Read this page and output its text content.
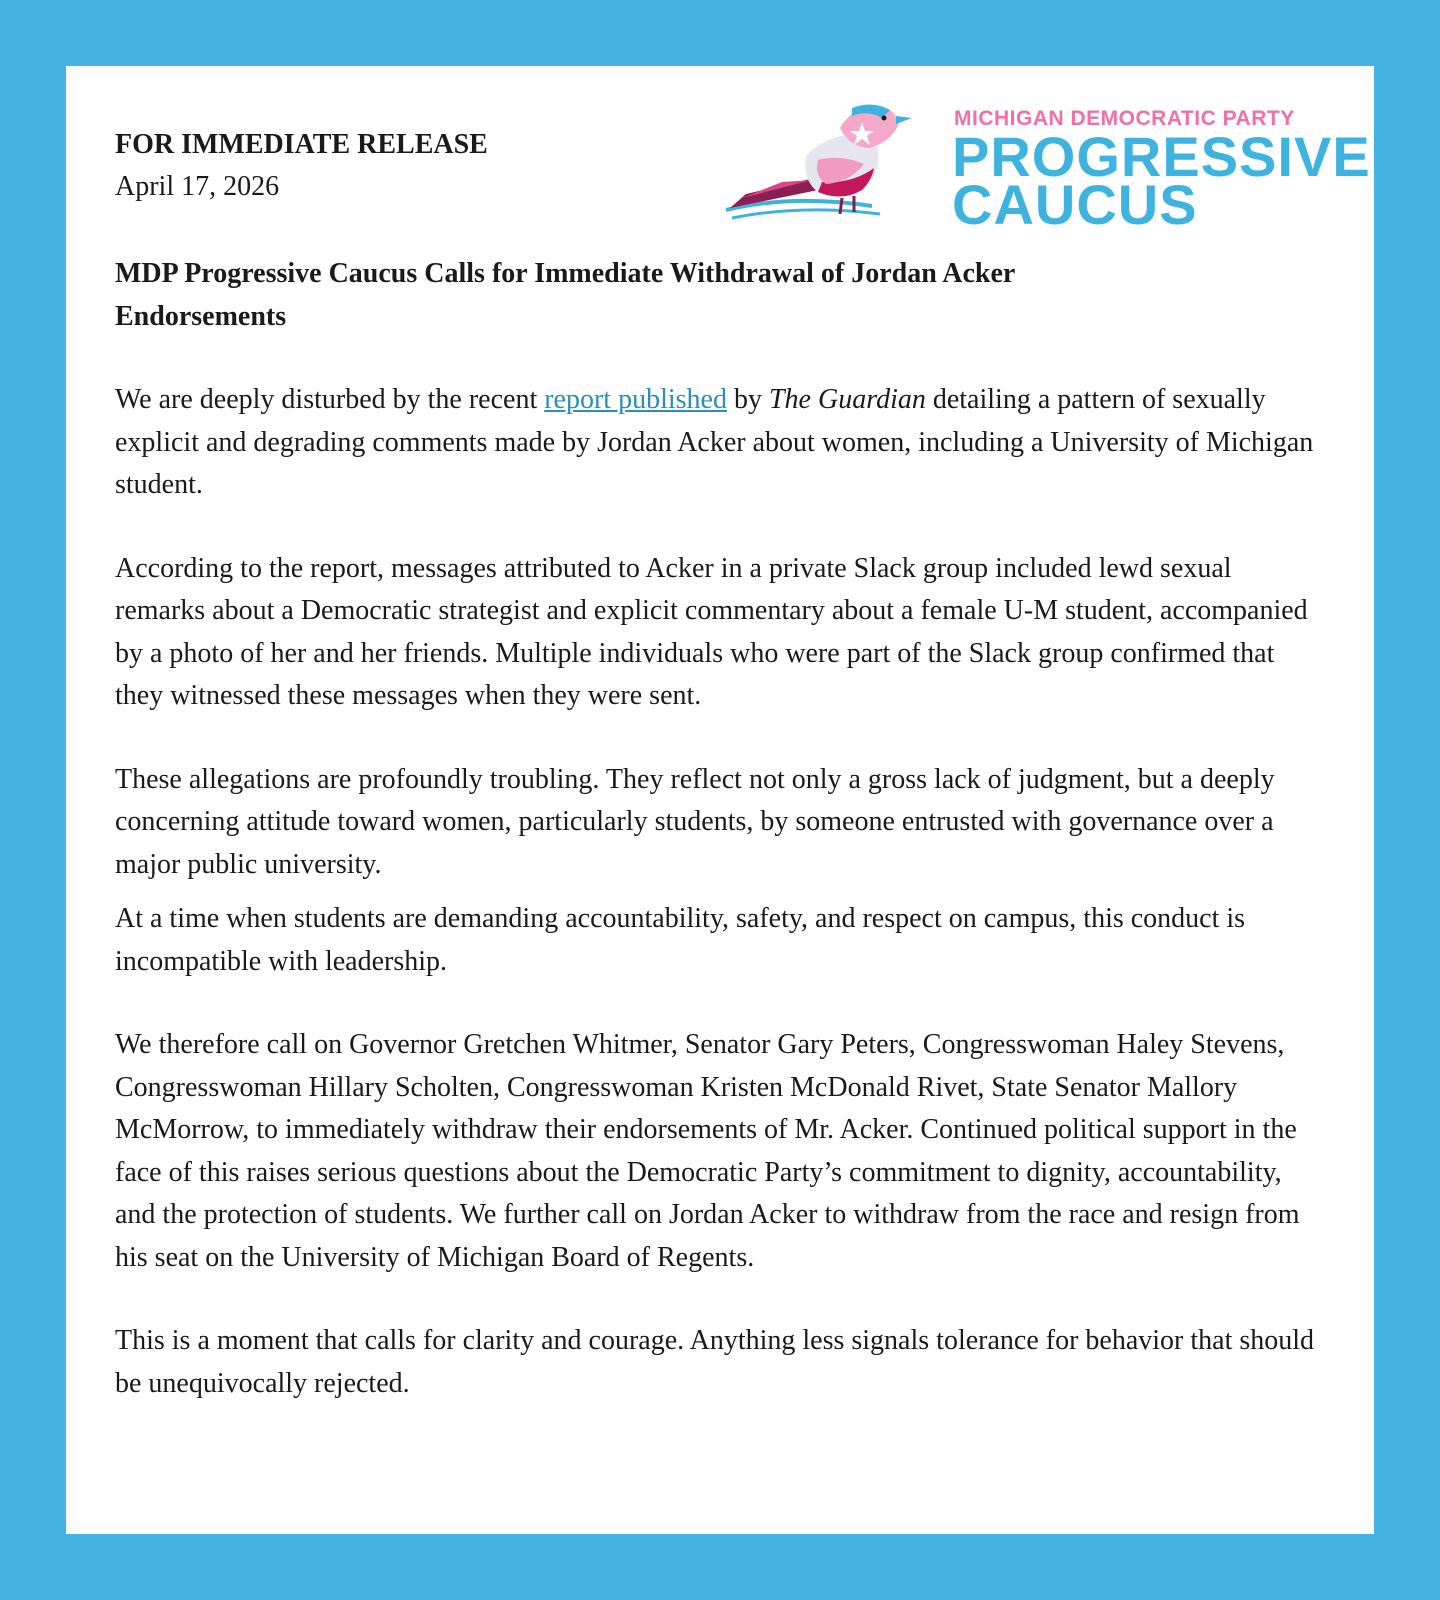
FOR IMMEDIATE RELEASE
April 17, 2026
MICHIGAN DEMOCRATIC PARTY
PROGRESSIVE
CAUCUS
MDP Progressive Caucus Calls for Immediate Withdrawal of Jordan Acker Endorsements

We are deeply disturbed by the recent report published by The Guardian detailing a pattern of sexually explicit and degrading comments made by Jordan Acker about women, including a University of Michigan student.

According to the report, messages attributed to Acker in a private Slack group included lewd sexual remarks about a Democratic strategist and explicit commentary about a female U-M student, accompanied by a photo of her and her friends. Multiple individuals who were part of the Slack group confirmed that they witnessed these messages when they were sent.

These allegations are profoundly troubling. They reflect not only a gross lack of judgment, but a deeply concerning attitude toward women, particularly students, by someone entrusted with governance over a major public university.

At a time when students are demanding accountability, safety, and respect on campus, this conduct is incompatible with leadership.

We therefore call on Governor Gretchen Whitmer, Senator Gary Peters, Congresswoman Haley Stevens, Congresswoman Hillary Scholten, Congresswoman Kristen McDonald Rivet, State Senator Mallory McMorrow, to immediately withdraw their endorsements of Mr. Acker. Continued political support in the face of this raises serious questions about the Democratic Party’s commitment to dignity, accountability, and the protection of students. We further call on Jordan Acker to withdraw from the race and resign from his seat on the University of Michigan Board of Regents.

This is a moment that calls for clarity and courage. Anything less signals tolerance for behavior that should be unequivocally rejected.
